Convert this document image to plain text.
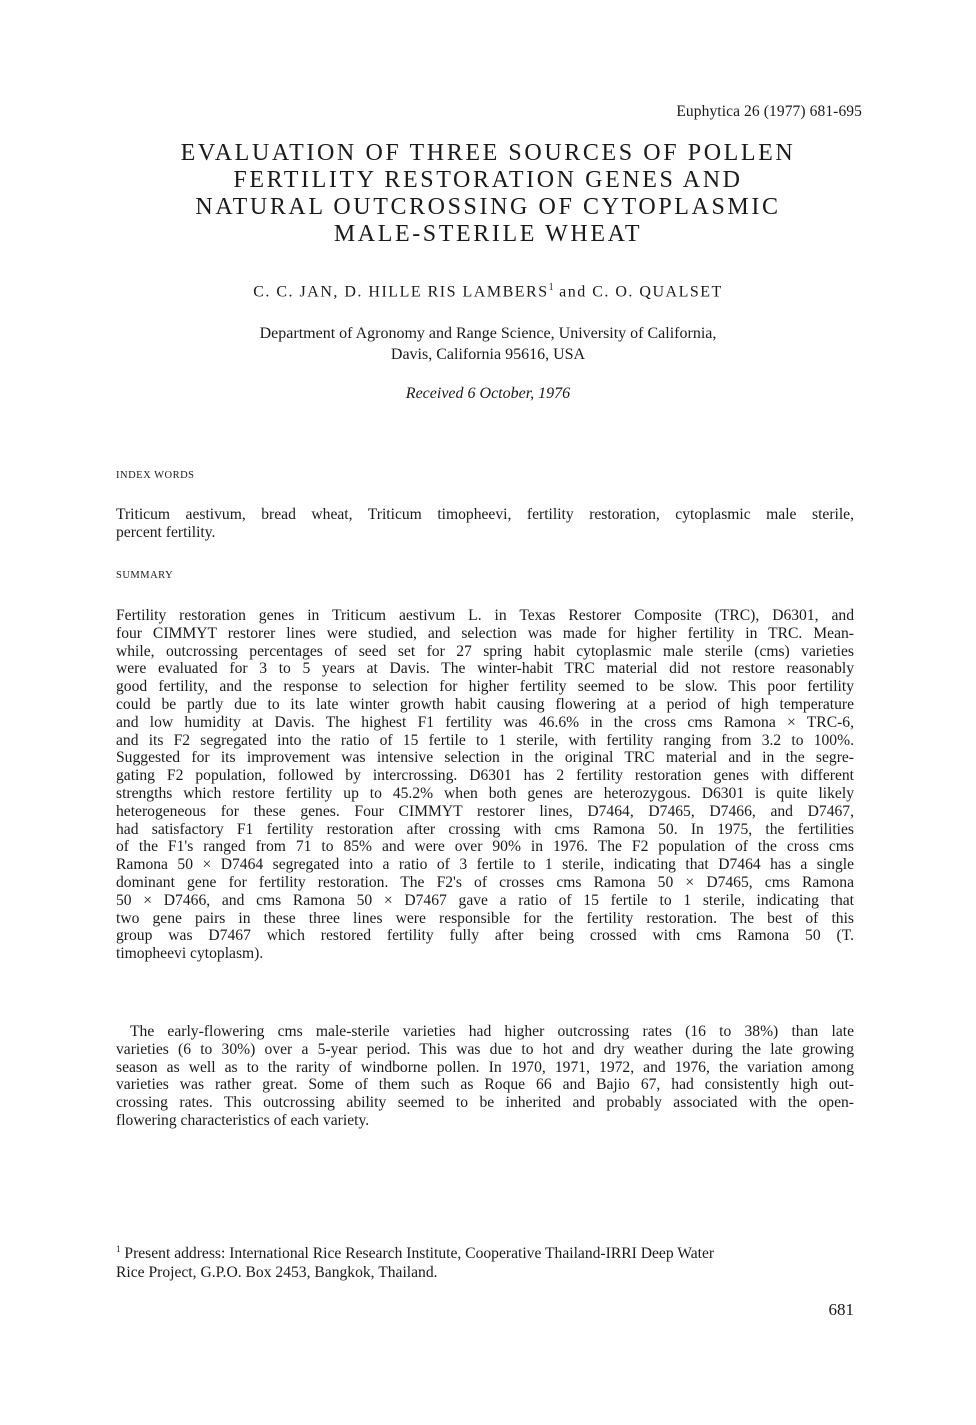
Euphytica 26 (1977) 681-695
EVALUATION OF THREE SOURCES OF POLLEN
FERTILITY RESTORATION GENES AND
NATURAL OUTCROSSING OF CYTOPLASMIC
MALE-STERILE WHEAT
C. C. JAN, D. HILLE RIS LAMBERS$^1$ and C. O. QUALSET
Department of Agronomy and Range Science, University of California,
Davis, California 95616, USA
Received 6 October, 1976
INDEX WORDS
Triticum aestivum, bread wheat, Triticum timopheevi, fertility restoration, cytoplasmic male sterile,
percent fertility.
SUMMARY
Fertility restoration genes in Triticum aestivum L. in Texas Restorer Composite (TRC), D6301, and
four CIMMYT restorer lines were studied, and selection was made for higher fertility in TRC. Mean-
while, outcrossing percentages of seed set for 27 spring habit cytoplasmic male sterile (cms) varieties
were evaluated for 3 to 5 years at Davis. The winter-habit TRC material did not restore reasonably
good fertility, and the response to selection for higher fertility seemed to be slow. This poor fertility
could be partly due to its late winter growth habit causing flowering at a period of high temperature
and low humidity at Davis. The highest F1 fertility was 46.6% in the cross cms Ramona × TRC-6,
and its F2 segregated into the ratio of 15 fertile to 1 sterile, with fertility ranging from 3.2 to 100%.
Suggested for its improvement was intensive selection in the original TRC material and in the segre-
gating F2 population, followed by intercrossing. D6301 has 2 fertility restoration genes with different
strengths which restore fertility up to 45.2% when both genes are heterozygous. D6301 is quite likely
heterogeneous for these genes. Four CIMMYT restorer lines, D7464, D7465, D7466, and D7467,
had satisfactory F1 fertility restoration after crossing with cms Ramona 50. In 1975, the fertilities
of the F1's ranged from 71 to 85% and were over 90% in 1976. The F2 population of the cross cms
Ramona 50 × D7464 segregated into a ratio of 3 fertile to 1 sterile, indicating that D7464 has a single
dominant gene for fertility restoration. The F2's of crosses cms Ramona 50 × D7465, cms Ramona
50 × D7466, and cms Ramona 50 × D7467 gave a ratio of 15 fertile to 1 sterile, indicating that
two gene pairs in these three lines were responsible for the fertility restoration. The best of this
group was D7467 which restored fertility fully after being crossed with cms Ramona 50 (T.
timopheevi cytoplasm).
The early-flowering cms male-sterile varieties had higher outcrossing rates (16 to 38%) than late
varieties (6 to 30%) over a 5-year period. This was due to hot and dry weather during the late growing
season as well as to the rarity of windborne pollen. In 1970, 1971, 1972, and 1976, the variation among
varieties was rather great. Some of them such as Roque 66 and Bajio 67, had consistently high out-
crossing rates. This outcrossing ability seemed to be inherited and probably associated with the open-
flowering characteristics of each variety.
$^1$ Present address: International Rice Research Institute, Cooperative Thailand-IRRI Deep Water
Rice Project, G.P.O. Box 2453, Bangkok, Thailand.
681
